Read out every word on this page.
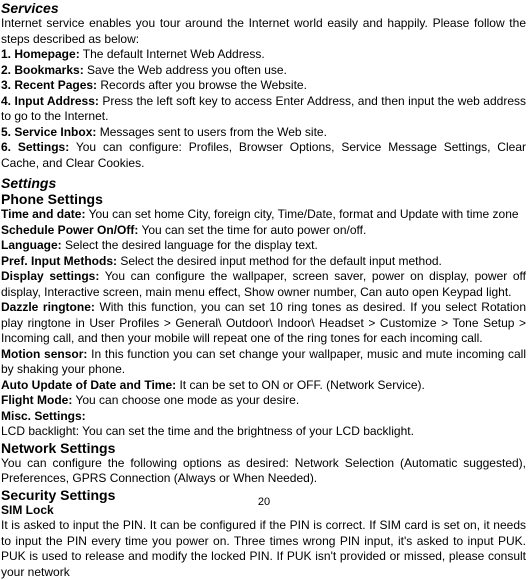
Services

Internet service enables you tour around the Internet world easily and happily. Please follow the steps described as below:

1. Homepage: The default Internet Web Address.

2. Bookmarks: Save the Web address you often use.

3. Recent Pages: Records after you browse the Website.

4. Input Address: Press the left soft key to access Enter Address, and then input the web address to go to the Internet.

5. Service Inbox: Messages sent to users from the Web site.

6. Settings: You can configure: Profiles, Browser Options, Service Message Settings, Clear Cache, and Clear Cookies.

Settings
Phone Settings

Time and date: You can set home City, foreign city, Time/Date, format and Update with time zone

Schedule Power On/Off: You can set the time for auto power on/off.

Language: Select the desired language for the display text.

Pref. Input Methods: Select the desired input method for the default input method.

Display settings: You can configure the wallpaper, screen saver, power on display, power off display, Interactive screen, main menu effect, Show owner number, Can auto open Keypad light.

Dazzle ringtone: With this function, you can set 10 ring tones as desired. If you select Rotation play ringtone in User Profiles > General\ Outdoor\ Indoor\ Headset > Customize > Tone Setup > Incoming call, and then your mobile will repeat one of the ring tones for each incoming call.

Motion sensor: In this function you can set change your wallpaper, music and mute incoming call by shaking your phone.

Auto Update of Date and Time: It can be set to ON or OFF. (Network Service).

Flight Mode: You can choose one mode as your desire.

Misc. Settings:

LCD backlight: You can set the time and the brightness of your LCD backlight.

Network Settings

You can configure the following options as desired: Network Selection (Automatic suggested), Preferences, GPRS Connection (Always or When Needed).

Security Settings
SIM Lock

It is asked to input the PIN. It can be configured if the PIN is correct. If SIM card is set on, it needs to input the PIN every time you power on. Three times wrong PIN input, it's asked to input PUK. PUK is used to release and modify the locked PIN. If PUK isn't provided or missed, please consult your network

20
